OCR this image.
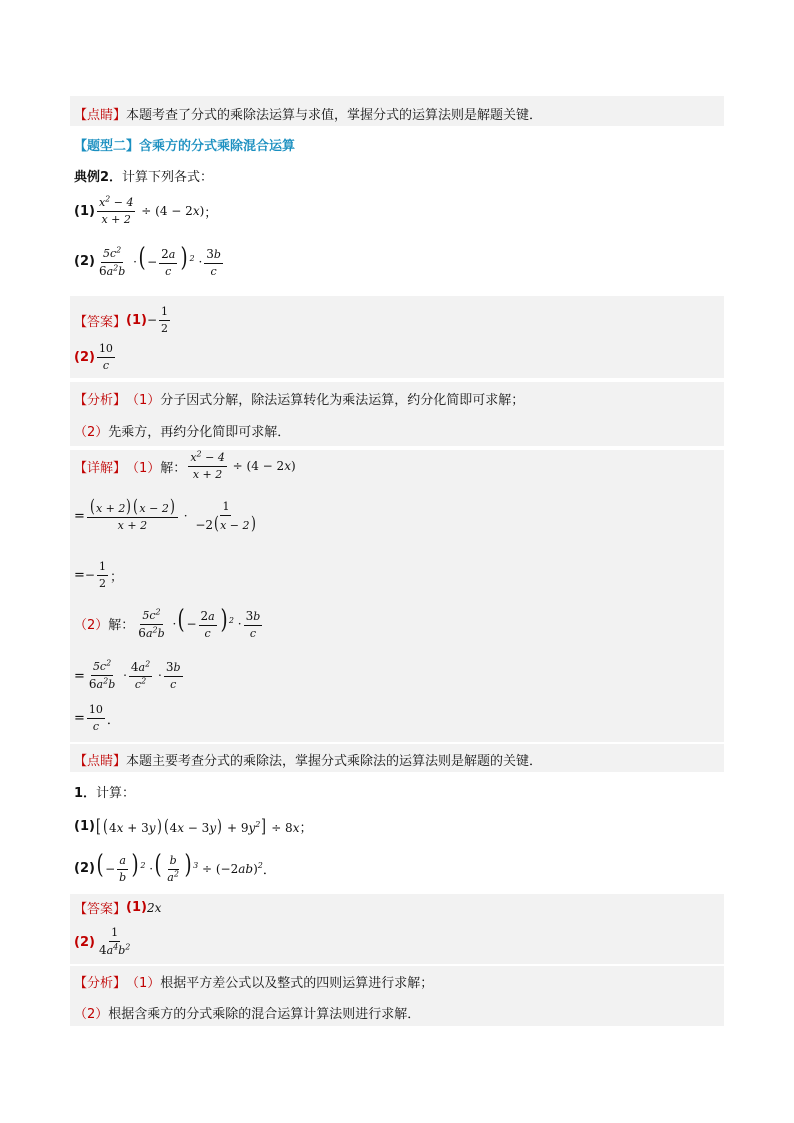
【点睛】 本题考查了分式的乘除法运算与求值，掌握分式的运算法则是解题关键．
【题型二】含乘方的分式乘除混合运算
典例2． 计算下列各式：
$(1) \frac{x^2 - 4}{x + 2} \div (4 - 2x)$ ；
$(2) \frac{5c^2}{6a^2b}$ ·( − $\frac{2a}{c}$ ) $^2 \cdot \frac{3b}{c}$
【答案】 $(1) - \frac{1}{2}$
$(2) \frac{10}{c}$
【分析】 （1） 分子因式分解，除法运算转化为乘法运算，约分化简即可求解；
（2） 先乘方，再约分化简即可求解．
【详解】 （1） 解： $\frac{x^2 - 4}{x + 2} \div (4 - 2x)$
= $\frac{(x + 2) (x - 2)}{x + 2} \cdot \frac{1}{-2(x - 2)}$
= − $\frac{1}{2}$ ；
（2） 解： $\frac{5c^2}{6a^2b}$ ·( − $\frac{2a}{c}$ ) $^2 \cdot \frac{3b}{c}$
= $\frac{5c^2}{6a^2b} \cdot \frac{4a^2}{c^2} \cdot \frac{3b}{c}$
= $\frac{10}{c}$ ．
【点睛】 本题主要考查分式的乘除法，掌握分式乘除法的运算法则是解题的关键．
1． 计算：
(1) [ (4x + 3y) $(4x - 3y) + 9y^2] \div 8x$ ；
(2) ( − $\frac{a}{b}$ ) $^2$ ·( $\frac{b}{a^2}$ ) $^3 \div (-2ab)^2$ ．
【答案】 (1) 2x
$(2) \frac{1}{4a^4b^2}$
【分析】 （1） 根据平方差公式以及整式的四则运算进行求解；
（2） 根据含乘方的分式乘除的混合运算计算法则进行求解．
